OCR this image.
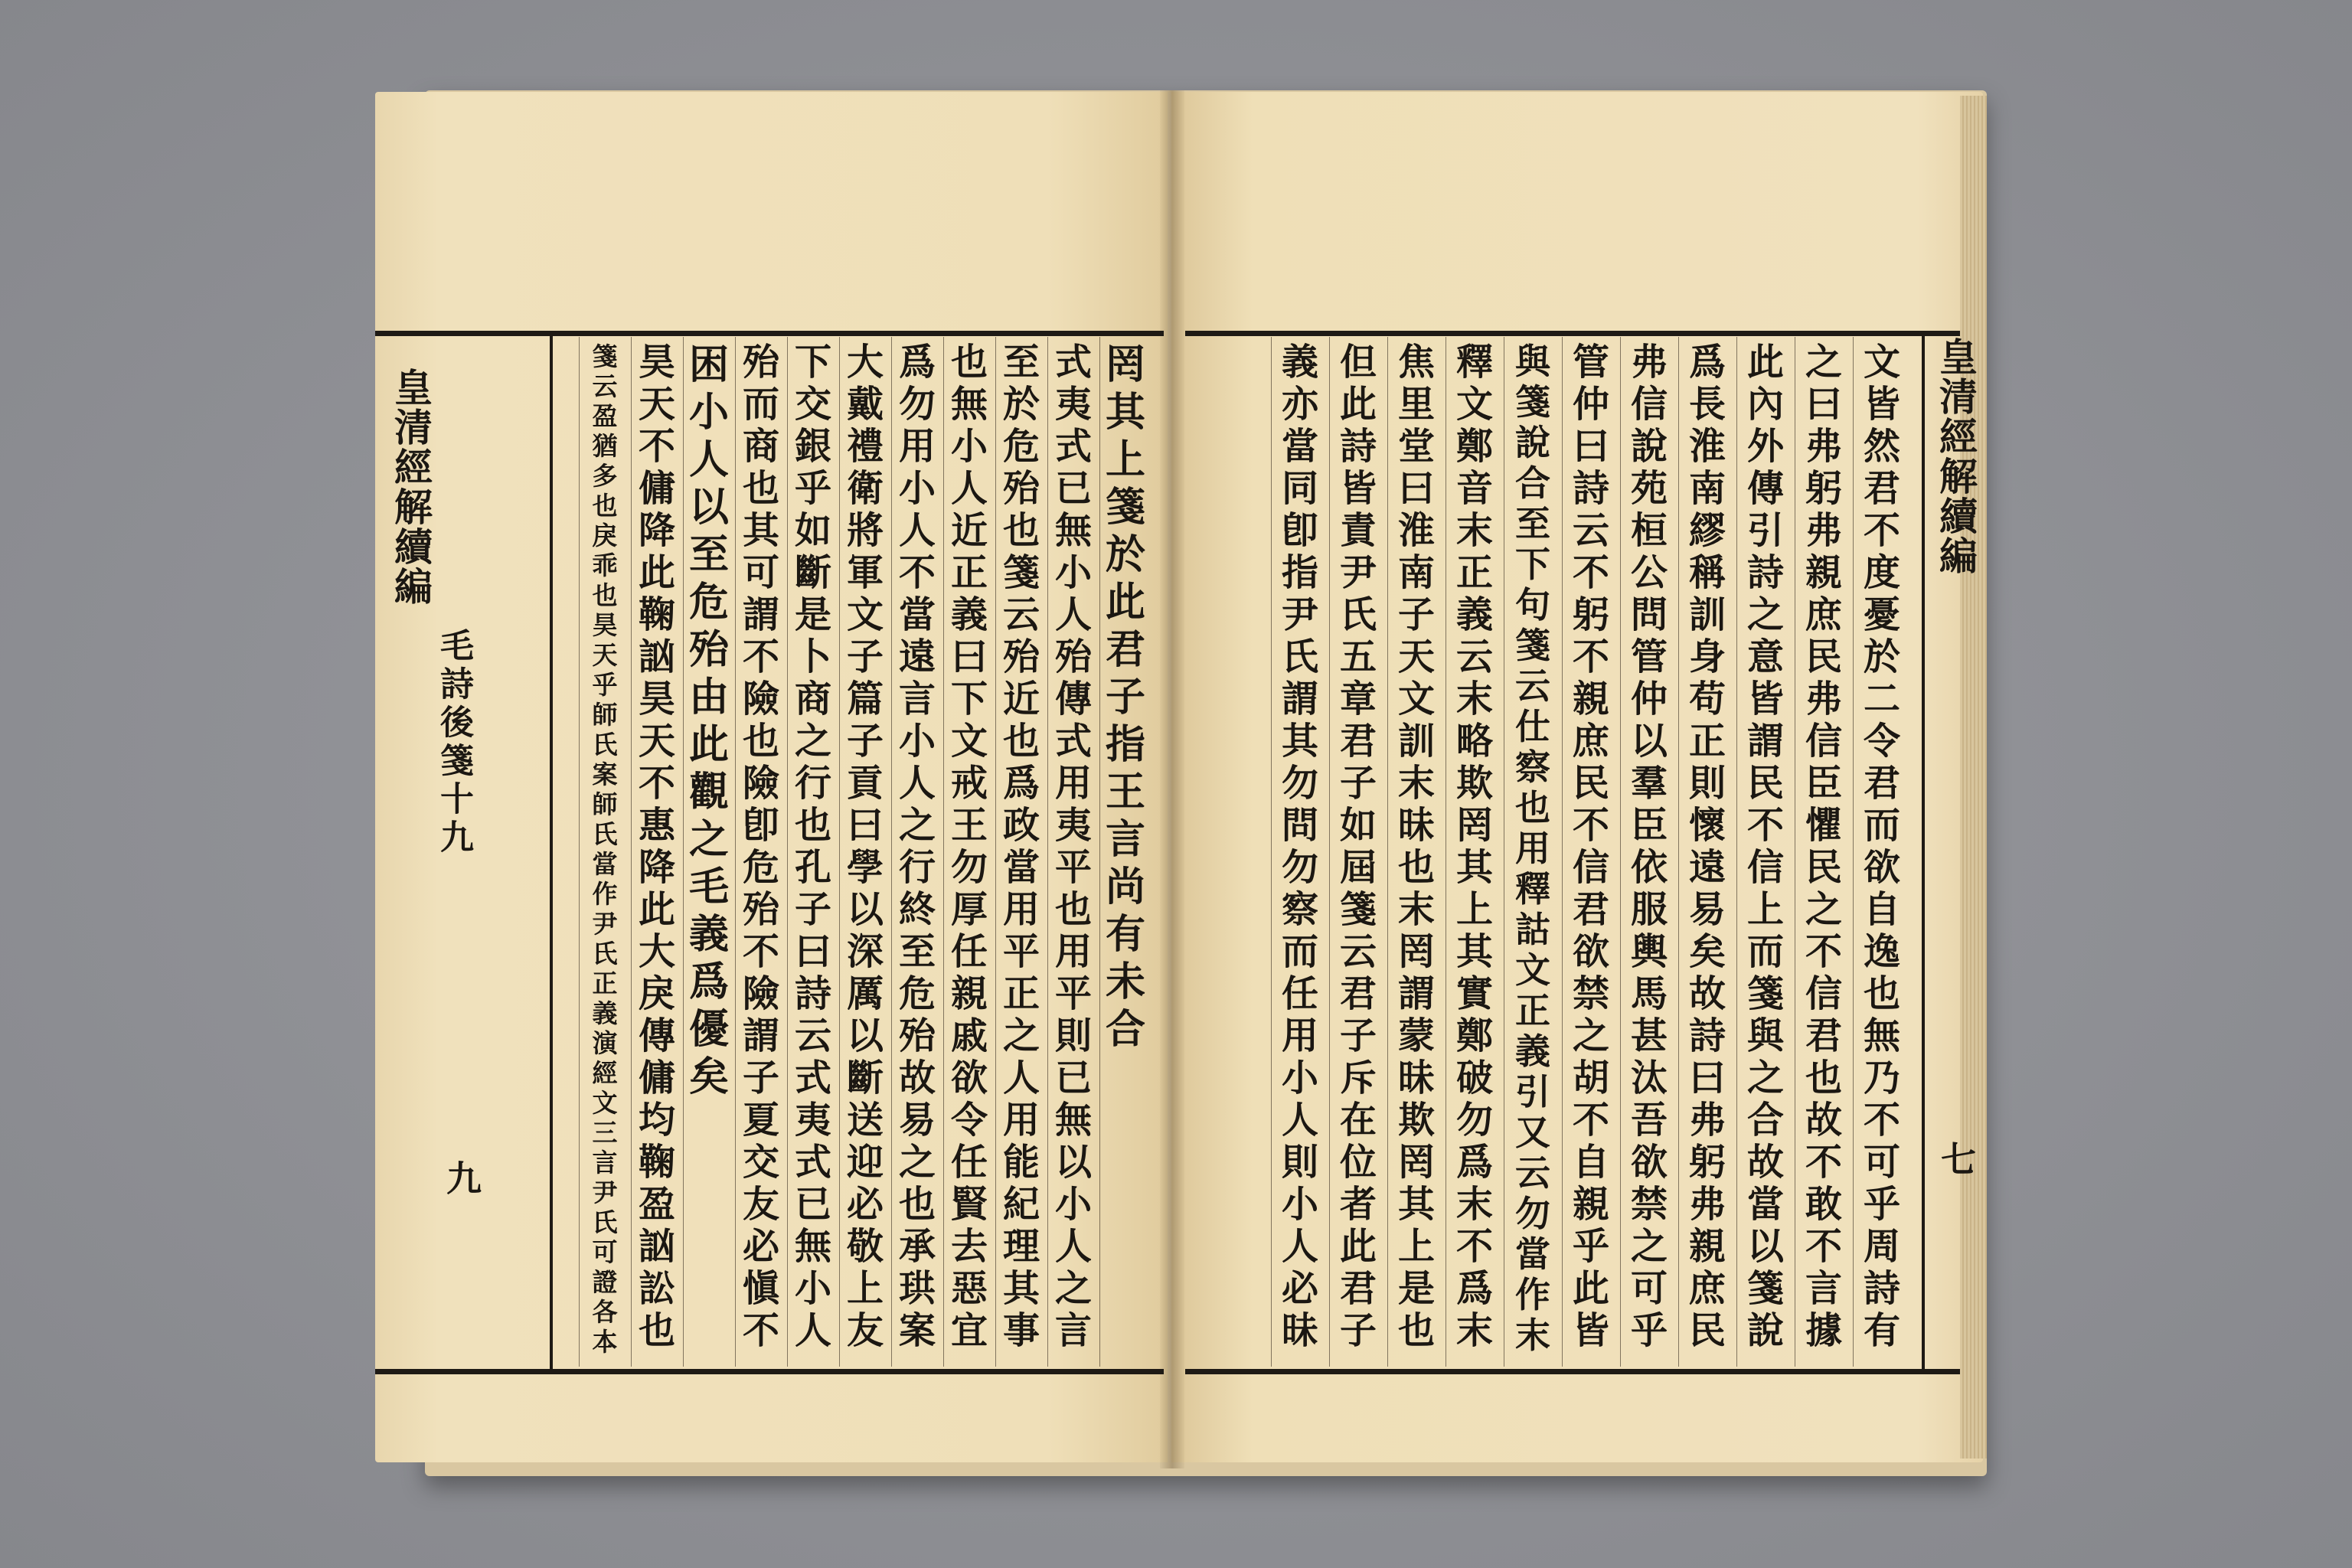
罔
其
上
箋
於
此
君
子
指
王
言
尚
有
未
合
式
夷
式
已
無
小
人
殆
傳
式
用
夷
平
也
用
平
則
已
無
以
小
人
之
言
至
於
危
殆
也
箋
云
殆
近
也
爲
政
當
用
平
正
之
人
用
能
紀
理
其
事
也
無
小
人
近
正
義
曰
下
文
戒
王
勿
厚
任
親
戚
欲
令
任
賢
去
惡
宜
爲
勿
用
小
人
不
當
遠
言
小
人
之
行
終
至
危
殆
故
易
之
也
承
珙
案
大
戴
禮
衛
將
軍
文
子
篇
子
貢
曰
學
以
深
厲
以
斷
送
迎
必
敬
上
友
下
交
銀
乎
如
斷
是
卜
商
之
行
也
孔
子
曰
詩
云
式
夷
式
已
無
小
人
殆
而
商
也
其
可
謂
不
險
也
險
卽
危
殆
不
險
謂
子
夏
交
友
必
愼
不
困
小
人
以
至
危
殆
由
此
觀
之
毛
義
爲
優
矣
昊
天
不
傭
降
此
鞠
訩
昊
天
不
惠
降
此
大
戾
傳
傭
均
鞠
盈
訩
訟
也
箋
云
盈
猶
多
也
戾
乖
也
昊
天
乎
師
氏
案
師
氏
當
作
尹
氏
正
義
演
經
文
三
言
尹
氏
可
證
各
本
文
皆
然
君
不
度
憂
於
二
令
君
而
欲
自
逸
也
無
乃
不
可
乎
周
詩
有
之
曰
弗
躬
弗
親
庶
民
弗
信
臣
懼
民
之
不
信
君
也
故
不
敢
不
言
據
此
內
外
傳
引
詩
之
意
皆
謂
民
不
信
上
而
箋
與
之
合
故
當
以
箋
說
爲
長
淮
南
繆
稱
訓
身
苟
正
則
懷
遠
易
矣
故
詩
曰
弗
躬
弗
親
庶
民
弗
信
說
苑
桓
公
問
管
仲
以
羣
臣
依
服
輿
馬
甚
汰
吾
欲
禁
之
可
乎
管
仲
曰
詩
云
不
躬
不
親
庶
民
不
信
君
欲
禁
之
胡
不
自
親
乎
此
皆
與
箋
說
合
至
下
句
箋
云
仕
察
也
用
釋
詁
文
正
義
引
又
云
勿
當
作
末
釋
文
鄭
音
末
正
義
云
末
略
欺
罔
其
上
其
實
鄭
破
勿
爲
末
不
爲
末
焦
里
堂
曰
淮
南
子
天
文
訓
末
昧
也
末
罔
謂
蒙
昧
欺
罔
其
上
是
也
但
此
詩
皆
責
尹
氏
五
章
君
子
如
屆
箋
云
君
子
斥
在
位
者
此
君
子
義
亦
當
同
卽
指
尹
氏
謂
其
勿
問
勿
察
而
任
用
小
人
則
小
人
必
昧
皇清經解續編
毛詩後箋十九
九
皇清經解續編
七
